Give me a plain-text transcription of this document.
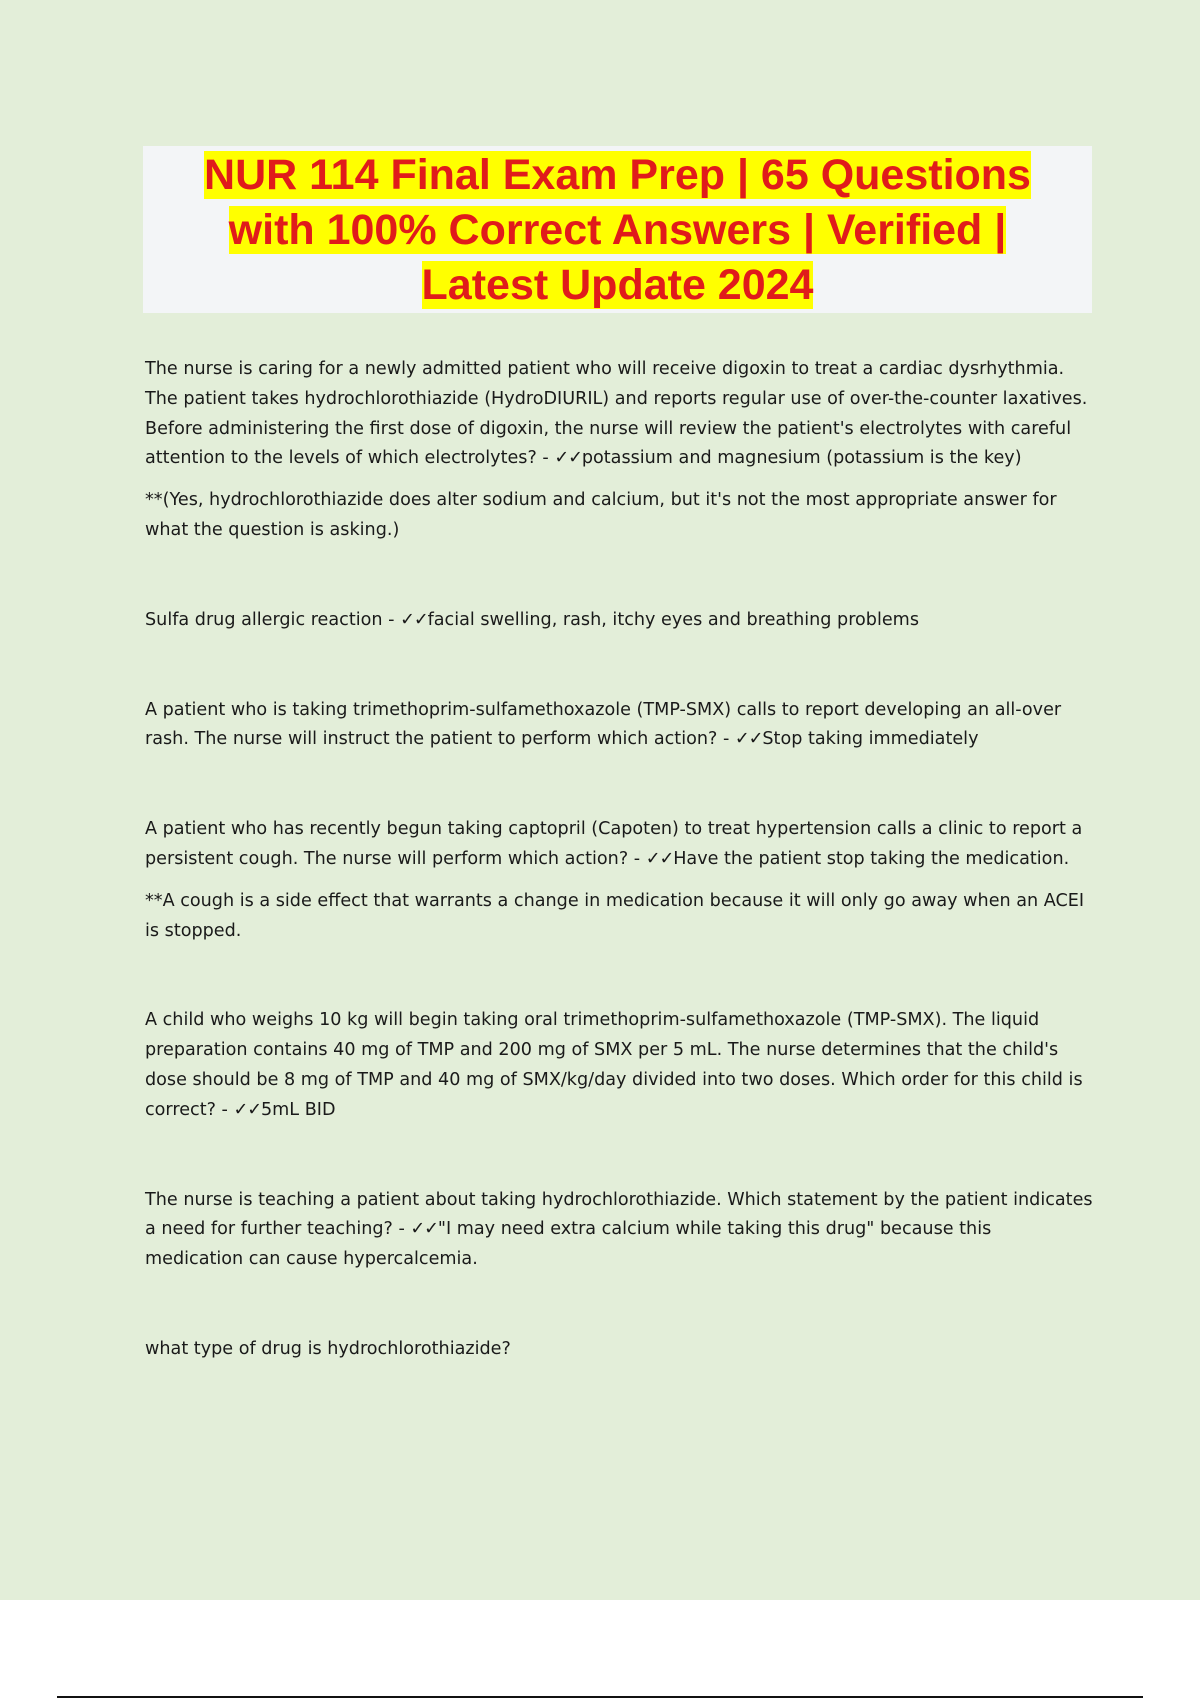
NUR 114 Final Exam Prep | 65 Questions
with 100% Correct Answers | Verified |
Latest Update 2024

The nurse is caring for a newly admitted patient who will receive digoxin to treat a cardiac dysrhythmia. The patient takes hydrochlorothiazide (HydroDIURIL) and reports regular use of over-the-counter laxatives. Before administering the first dose of digoxin, the nurse will review the patient's electrolytes with careful attention to the levels of which electrolytes? - ✓✓potassium and magnesium (potassium is the key)

**(Yes, hydrochlorothiazide does alter sodium and calcium, but it's not the most appropriate answer for what the question is asking.)

Sulfa drug allergic reaction - ✓✓facial swelling, rash, itchy eyes and breathing problems

A patient who is taking trimethoprim-sulfamethoxazole (TMP-SMX) calls to report developing an all-over rash. The nurse will instruct the patient to perform which action? - ✓✓Stop taking immediately

A patient who has recently begun taking captopril (Capoten) to treat hypertension calls a clinic to report a persistent cough. The nurse will perform which action? - ✓✓Have the patient stop taking the medication.

**A cough is a side effect that warrants a change in medication because it will only go away when an ACEI is stopped.

A child who weighs 10 kg will begin taking oral trimethoprim-sulfamethoxazole (TMP-SMX). The liquid preparation contains 40 mg of TMP and 200 mg of SMX per 5 mL. The nurse determines that the child's dose should be 8 mg of TMP and 40 mg of SMX/kg/day divided into two doses. Which order for this child is correct? - ✓✓5mL BID

The nurse is teaching a patient about taking hydrochlorothiazide. Which statement by the patient indicates a need for further teaching? - ✓✓"I may need extra calcium while taking this drug" because this medication can cause hypercalcemia.

what type of drug is hydrochlorothiazide?
